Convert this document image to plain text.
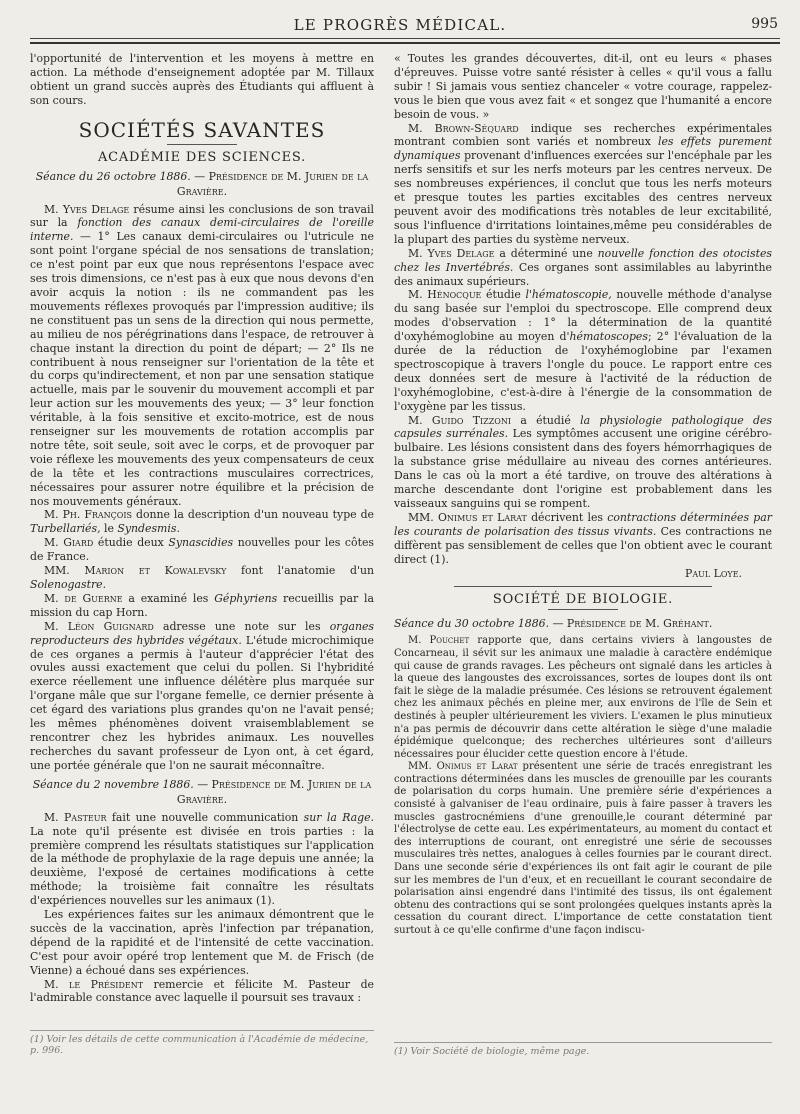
LE PROGRÈS MÉDICAL.	995

l'opportunité de l'intervention et les moyens à mettre en action. La méthode d'enseignement adoptée par M. Tillaux obtient un grand succès auprès des Étudiants qui affluent à son cours.

SOCIÉTÉS SAVANTES
ACADÉMIE DES SCIENCES.
Séance du 26 octobre 1886. — Présidence de M. Jurien de la Gravière.

M. Yves Delage résume ainsi les conclusions de son travail sur la fonction des canaux demi-circulaires de l'oreille interne. — 1° Les canaux demi-circulaires ou l'utricule ne sont point l'organe spécial de nos sensations de translation; ce n'est point par eux que nous représentons l'espace avec ses trois dimensions, ce n'est pas à eux que nous devons d'en avoir acquis la notion : ils ne commandent pas les mouvements réflexes provoqués par l'impression auditive; ils ne constituent pas un sens de la direction qui nous permette, au milieu de nos pérégrinations dans l'espace, de retrouver à chaque instant la direction du point de départ; — 2° Ils ne contribuent à nous renseigner sur l'orientation de la tête et du corps qu'indirectement, et non par une sensation statique actuelle, mais par le souvenir du mouvement accompli et par leur action sur les mouvements des yeux; — 3° leur fonction véritable, à la fois sensitive et excito-motrice, est de nous renseigner sur les mouvements de rotation accomplis par notre tête, soit seule, soit avec le corps, et de provoquer par voie réflexe les mouvements des yeux compensateurs de ceux de la tête et les contractions musculaires correctrices, nécessaires pour assurer notre équilibre et la précision de nos mouvements généraux.

M. Ph. François donne la description d'un nouveau type de Turbellariés, le Syndesmis.

M. Giard étudie deux Synascidies nouvelles pour les côtes de France.

MM. Marion et Kowalevsky font l'anatomie d'un Solenogastre.

M. de Guerne a examiné les Géphyriens recueillis par la mission du cap Horn.

M. Léon Guignard adresse une note sur les organes reproducteurs des hybrides végétaux. L'étude microchimique de ces organes a permis à l'auteur d'apprécier l'état des ovules aussi exactement que celui du pollen. Si l'hybridité exerce réellement une influence délétère plus marquée sur l'organe mâle que sur l'organe femelle, ce dernier présente à cet égard des variations plus grandes qu'on ne l'avait pensé; les mêmes phénomènes doivent vraisemblablement se rencontrer chez les hybrides animaux. Les nouvelles recherches du savant professeur de Lyon ont, à cet égard, une portée générale que l'on ne saurait méconnaître.

Séance du 2 novembre 1886. — Présidence de M. Jurien de la Gravière.

M. Pasteur fait une nouvelle communication sur la Rage. La note qu'il présente est divisée en trois parties : la première comprend les résultats statistiques sur l'application de la méthode de prophylaxie de la rage depuis une année; la deuxième, l'exposé de certaines modifications à cette méthode; la troisième fait connaître les résultats d'expériences nouvelles sur les animaux (1).

Les expériences faites sur les animaux démontrent que le succès de la vaccination, après l'infection par trépanation, dépend de la rapidité et de l'intensité de cette vaccination. C'est pour avoir opéré trop lentement que M. de Frisch (de Vienne) a échoué dans ses expériences.

M. le Président remercie et félicite M. Pasteur de l'admirable constance avec laquelle il poursuit ses travaux :

(1) Voir les détails de cette communication à l'Académie de médecine, p. 996.

« Toutes les grandes découvertes, dit-il, ont eu leurs « phases d'épreuves. Puisse votre santé résister à celles « qu'il vous a fallu subir ! Si jamais vous sentiez chanceler « votre courage, rappelez-vous le bien que vous avez fait « et songez que l'humanité a encore besoin de vous. »

M. Brown-Séquard indique ses recherches expérimentales montrant combien sont variés et nombreux les effets purement dynamiques provenant d'influences exercées sur l'encéphale par les nerfs sensitifs et sur les nerfs moteurs par les centres nerveux. De ses nombreuses expériences, il conclut que tous les nerfs moteurs et presque toutes les parties excitables des centres nerveux peuvent avoir des modifications très notables de leur excitabilité, sous l'influence d'irritations lointaines,même peu considérables de la plupart des parties du système nerveux.

M. Yves Delage a déterminé une nouvelle fonction des otocistes chez les Invertébrés. Ces organes sont assimilables au labyrinthe des animaux supérieurs.

M. Hénocque étudie l'hématoscopie, nouvelle méthode d'analyse du sang basée sur l'emploi du spectroscope. Elle comprend deux modes d'observation : 1° la détermination de la quantité d'oxyhémoglobine au moyen d'hématoscopes; 2° l'évaluation de la durée de la réduction de l'oxyhémoglobine par l'examen spectroscopique à travers l'ongle du pouce. Le rapport entre ces deux données sert de mesure à l'activité de la réduction de l'oxyhémoglobine, c'est-à-dire à l'énergie de la consommation de l'oxygène par les tissus.

M. Guido Tizzoni a étudié la physiologie pathologique des capsules surrénales. Les symptômes accusent une origine cérébro-bulbaire. Les lésions consistent dans des foyers hémorrhagiques de la substance grise médullaire au niveau des cornes antérieures. Dans le cas où la mort a été tardive, on trouve des altérations à marche descendante dont l'origine est probablement dans les vaisseaux sanguins qui se rompent.

MM. Onimus et Larat décrivent les contractions déterminées par les courants de polarisation des tissus vivants. Ces contractions ne diffèrent pas sensiblement de celles que l'on obtient avec le courant direct (1).

Paul Loye.

SOCIÉTÉ DE BIOLOGIE.
Séance du 30 octobre 1886. — Présidence de M. Gréhant.

M. Pouchet rapporte que, dans certains viviers à langoustes de Concarneau, il sévit sur les animaux une maladie à caractère endémique qui cause de grands ravages. Les pêcheurs ont signalé dans les articles à la queue des langoustes des excroissances, sortes de loupes dont ils ont fait le siège de la maladie présumée. Ces lésions se retrouvent également chez les animaux pêchés en pleine mer, aux environs de l'île de Sein et destinés à peupler ultérieurement les viviers. L'examen le plus minutieux n'a pas permis de découvrir dans cette altération le siège d'une maladie épidémique quelconque; des recherches ultérieures sont d'ailleurs nécessaires pour élucider cette question encore à l'étude.

MM. Onimus et Larat présentent une série de tracés enregistrant les contractions déterminées dans les muscles de grenouille par les courants de polarisation du corps humain. Une première série d'expériences a consisté à galvaniser de l'eau ordinaire, puis à faire passer à travers les muscles gastrocnémiens d'une grenouille,le courant déterminé par l'électrolyse de cette eau. Les expérimentateurs, au moment du contact et des interruptions de courant, ont enregistré une série de secousses musculaires très nettes, analogues à celles fournies par le courant direct. Dans une seconde série d'expériences ils ont fait agir le courant de pile sur les membres de l'un d'eux, et en recueillant le courant secondaire de polarisation ainsi engendré dans l'intimité des tissus, ils ont également obtenu des contractions qui se sont prolongées quelques instants après la cessation du courant direct. L'importance de cette constatation tient surtout à ce qu'elle confirme d'une façon indiscu-

(1) Voir Société de biologie, même page.
